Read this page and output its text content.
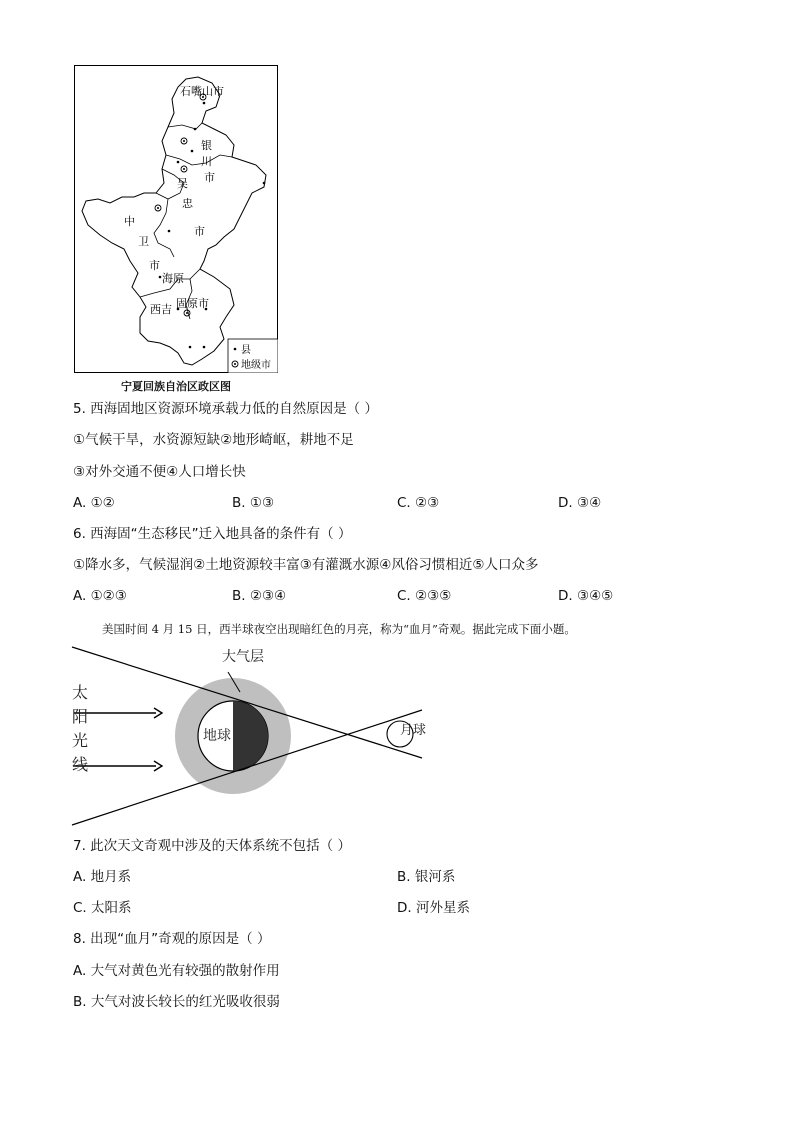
石嘴山市
银
川
市
吴
忠
市
中
卫
市
海原
固原市
西吉
县
地级市
宁夏回族自治区政区图
5. 西海固地区资源环境承载力低的自然原因是（ ）
①气候干旱，水资源短缺②地形崎岖，耕地不足
③对外交通不便④人口增长快
A. ①②	B. ①③	C. ②③	D. ③④
6. 西海固“生态移民”迁入地具备的条件有（ ）
①降水多，气候湿润②土地资源较丰富③有灌溉水源④风俗习惯相近⑤人口众多
A. ①②③	B. ②③④	C. ②③⑤	D. ③④⑤
美国时间 4 月 15 日，西半球夜空出现暗红色的月亮，称为“血月”奇观。据此完成下面小题。
大气层
太
阳
光
线
地球	月球
7. 此次天文奇观中涉及的天体系统不包括（ ）
A. 地月系	B. 银河系
C. 太阳系	D. 河外星系
8. 出现“血月”奇观的原因是（ ）
A. 大气对黄色光有较强的散射作用
B. 大气对波长较长的红光吸收很弱
